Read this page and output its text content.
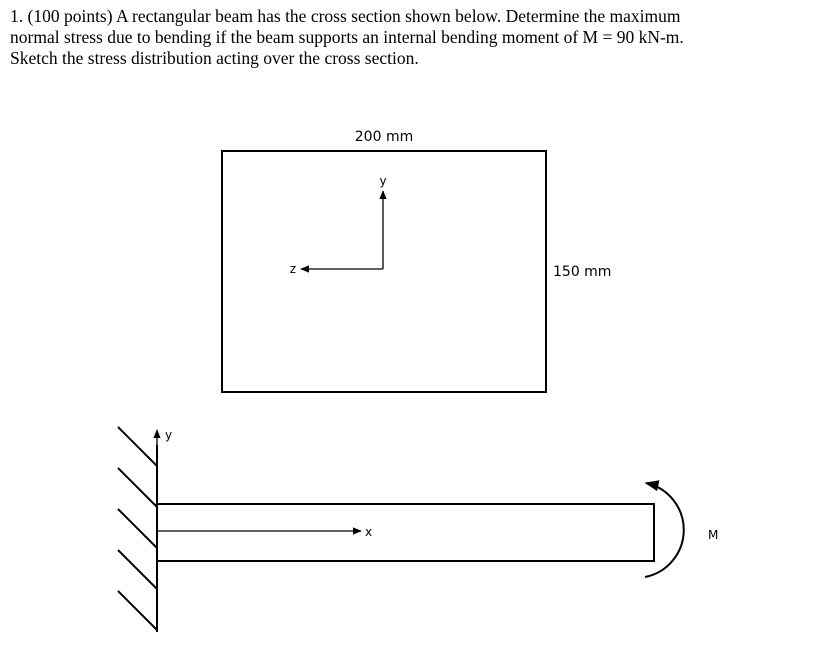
1. (100 points) A rectangular beam has the cross section shown below. Determine the maximum
normal stress due to bending if the beam supports an internal bending moment of M = 90 kN-m.
Sketch the stress distribution acting over the cross section.
200 mm
150 mm
y
z
y
x	M
